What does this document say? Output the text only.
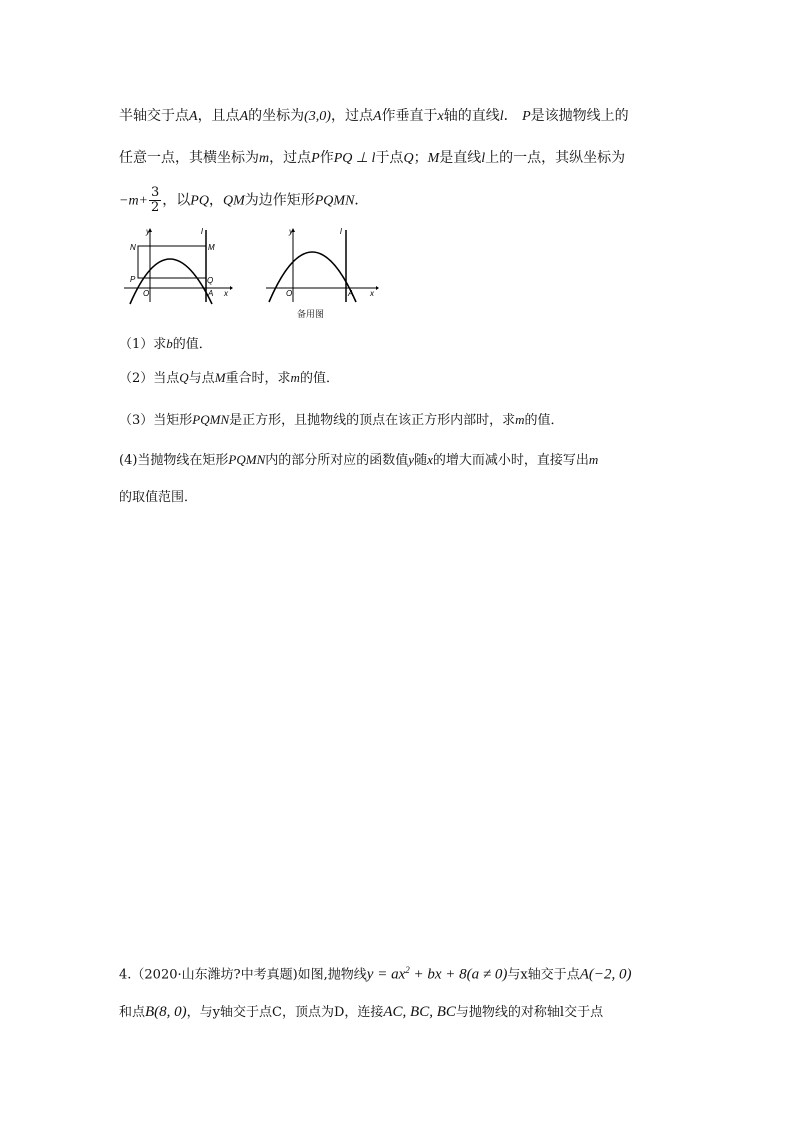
半轴交于点A，且点A的坐标为(3,0)，过点A作垂直于x轴的直线l． P是该抛物线上的
任意一点，其横坐标为m，过点P作PQ ⊥ l于点Q；M是直线l上的一点，其纵坐标为
$-m+ \frac{3}{2}$ ，以PQ，QM为边作矩形PQMN．
y	l
N	M
P	Q
O	A x
y	l
O	A x
备用图
（1）求b的值．
（2）当点Q与点M重合时，求m的值．
（3）当矩形PQMN是正方形，且抛物线的顶点在该正方形内部时，求m的值．
(4)当抛物线在矩形PQMN内的部分所对应的函数值y随x的增大而减小时，直接写出m
的取值范围．
4.（2020·山东潍坊?中考真题)如图,抛物线$y = ax^2$ + bx + 8(a ≠ 0)与x轴交于点A(−2, 0)
和点B(8, 0)，与y轴交于点C，顶点为D，连接AC, BC, BC与抛物线的对称轴l交于点
